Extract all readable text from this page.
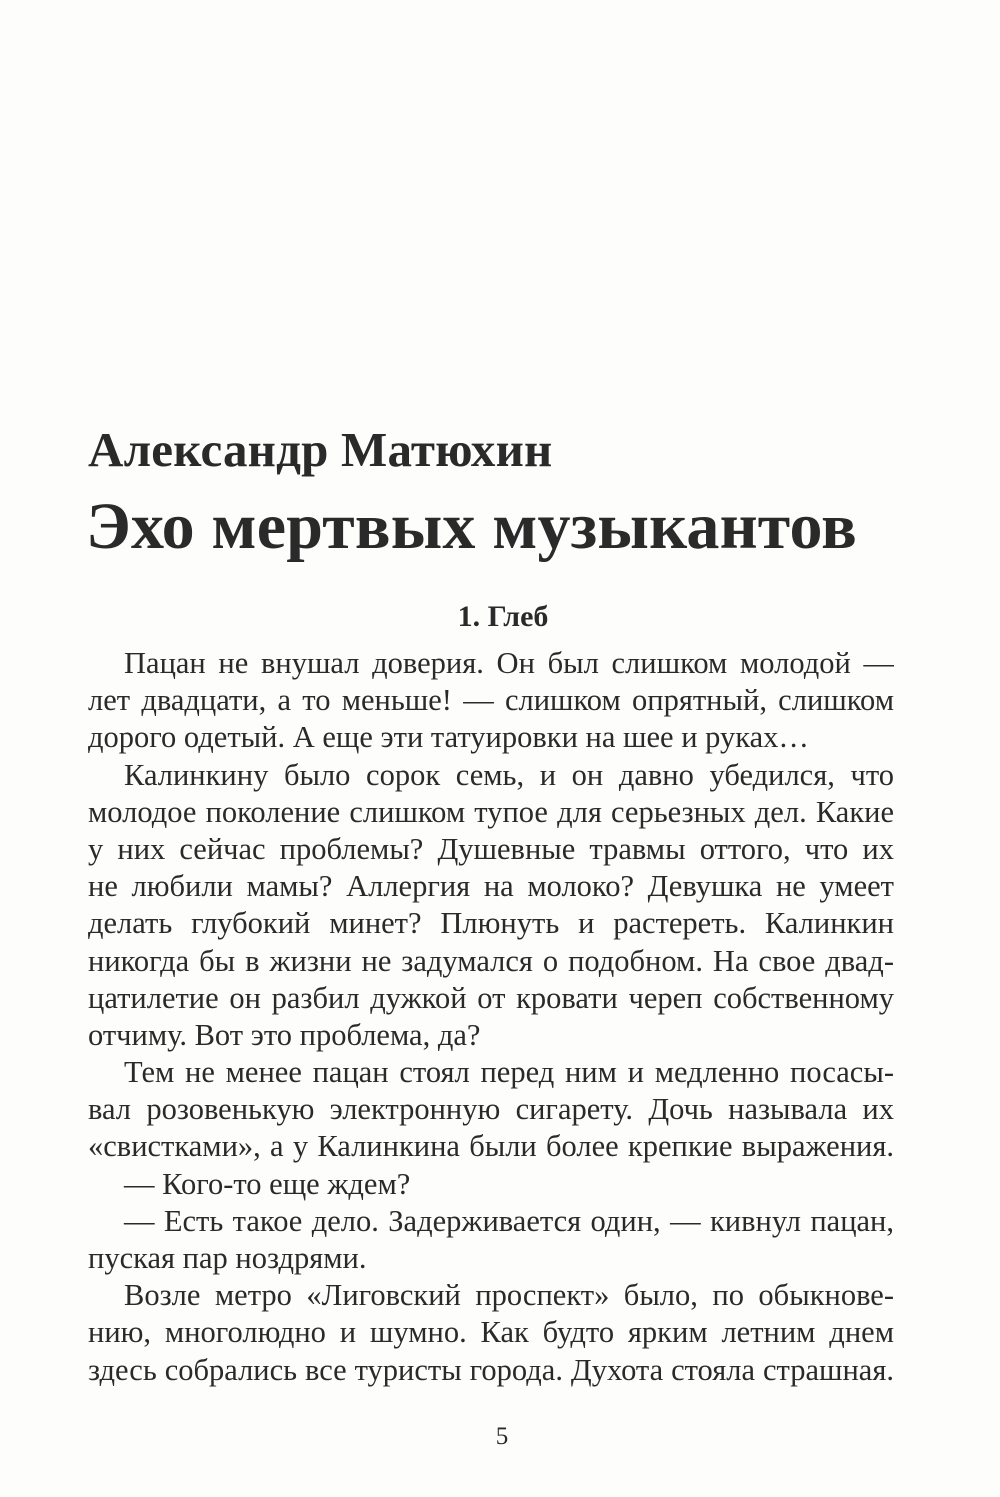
Александр Матюхин
Эхо мертвых музыкантов
1. Глеб
Пацан не внушал доверия. Он был слишком молодой —
лет двадцати, а то меньше! — слишком опрятный, слишком
дорого одетый. А еще эти татуировки на шее и руках…
Калинкину было сорок семь, и он давно убедился, что
молодое поколение слишком тупое для серьезных дел. Какие
у них сейчас проблемы? Душевные травмы оттого, что их
не любили мамы? Аллергия на молоко? Девушка не умеет
делать глубокий минет? Плюнуть и растереть. Калинкин
никогда бы в жизни не задумался о подобном. На свое двад-
цатилетие он разбил дужкой от кровати череп собственному
отчиму. Вот это проблема, да?
Тем не менее пацан стоял перед ним и медленно посасы-
вал розовенькую электронную сигарету. Дочь называла их
«свистками», а у Калинкина были более крепкие выражения.
— Кого-то еще ждем?
— Есть такое дело. Задерживается один, — кивнул пацан,
пуская пар ноздрями.
Возле метро «Лиговский проспект» было, по обыкнове-
нию, многолюдно и шумно. Как будто ярким летним днем
здесь собрались все туристы города. Духота стояла страшная.
5
